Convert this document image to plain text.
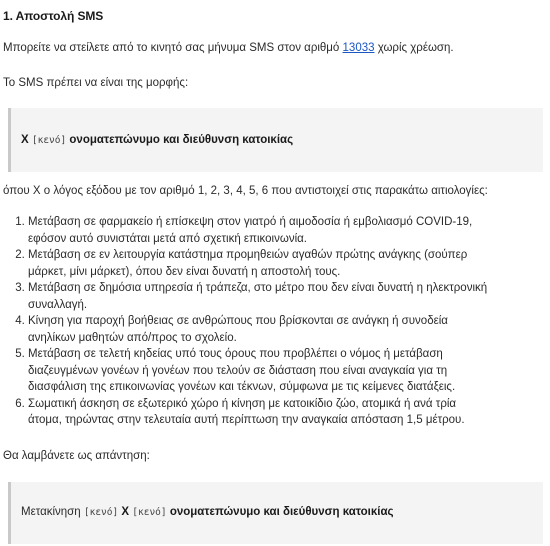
1. Αποστολή SMS

Μπορείτε να στείλετε από το κινητό σας μήνυμα SMS στον αριθμό 13033 χωρίς χρέωση.

Το SMS πρέπει να είναι της μορφής:

X [κενό] ονοματεπώνυμο και διεύθυνση κατοικίας

όπου X ο λόγος εξόδου με τον αριθμό 1, 2, 3, 4, 5, 6 που αντιστοιχεί στις παρακάτω αιτιολογίες:

1. Μετάβαση σε φαρμακείο ή επίσκεψη στον γιατρό ή αιμοδοσία ή εμβολιασμό COVID-19,
εφόσον αυτό συνιστάται μετά από σχετική επικοινωνία.
2. Μετάβαση σε εν λειτουργία κατάστημα προμηθειών αγαθών πρώτης ανάγκης (σούπερ
μάρκετ, μίνι μάρκετ), όπου δεν είναι δυνατή η αποστολή τους.
3. Μετάβαση σε δημόσια υπηρεσία ή τράπεζα, στο μέτρο που δεν είναι δυνατή η ηλεκτρονική
συναλλαγή.
4. Κίνηση για παροχή βοήθειας σε ανθρώπους που βρίσκονται σε ανάγκη ή συνοδεία
ανηλίκων μαθητών από/προς το σχολείο.
5. Μετάβαση σε τελετή κηδείας υπό τους όρους που προβλέπει ο νόμος ή μετάβαση
διαζευγμένων γονέων ή γονέων που τελούν σε διάσταση που είναι αναγκαία για τη
διασφάλιση της επικοινωνίας γονέων και τέκνων, σύμφωνα με τις κείμενες διατάξεις.
6. Σωματική άσκηση σε εξωτερικό χώρο ή κίνηση με κατοικίδιο ζώο, ατομικά ή ανά τρία
άτομα, τηρώντας στην τελευταία αυτή περίπτωση την αναγκαία απόσταση 1,5 μέτρου.

Θα λαμβάνετε ως απάντηση:

Μετακίνηση [κενό] X [κενό] ονοματεπώνυμο και διεύθυνση κατοικίας
